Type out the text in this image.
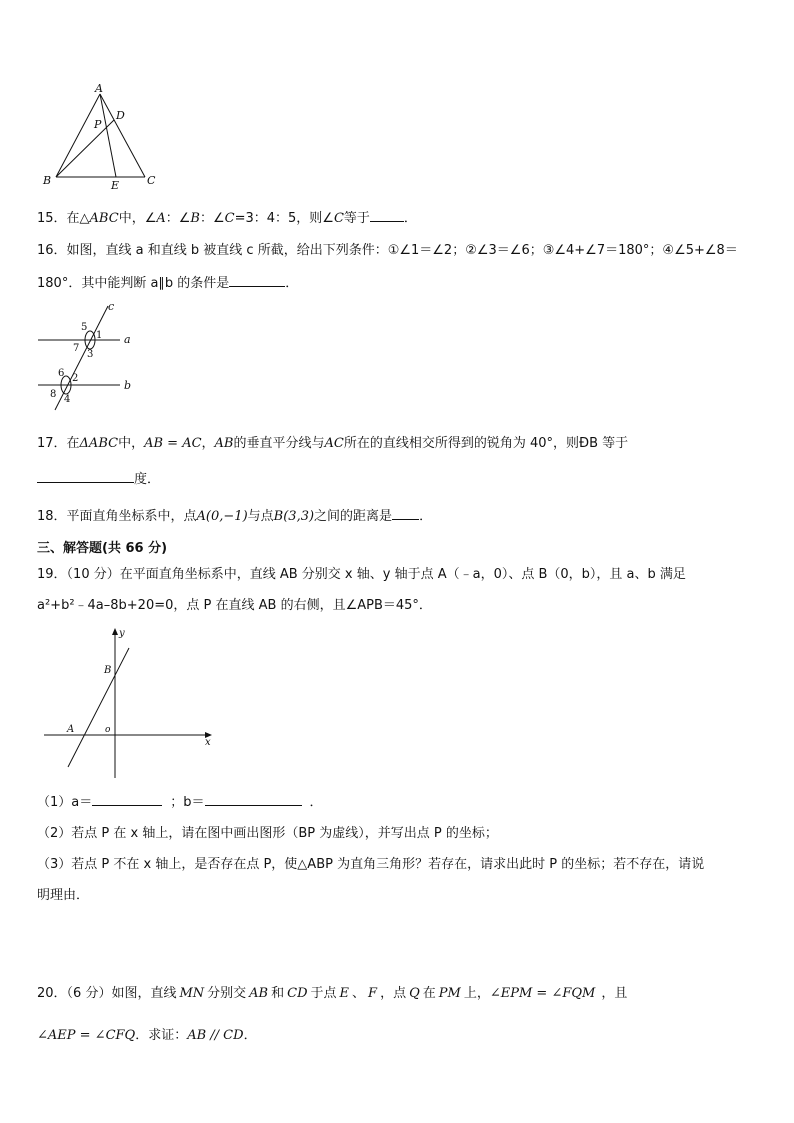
A
B	C
D
E
P
15．在△ABC中，∠A：∠B：∠C=3：4：5，则∠C等于	．
16．如图，直线 a 和直线 b 被直线 c 所截，给出下列条件：①∠1＝∠2；②∠3＝∠6；③∠4+∠7＝180°；④∠5+∠8＝
180°．其中能判断 a∥b 的条件是	．
c
a
b
5
1
7
3
6 2
8 4
17．在ΔABC中，AB = AC，AB的垂直平分线与AC所在的直线相交所得到的锐角为 40°，则ÐB 等于
度．
18．平面直角坐标系中，点A(0,−1)与点B(3,3)之间的距离是 ．
三、解答题(共 66 分)
19．（10 分）在平面直角坐标系中，直线 AB 分别交 x 轴、y 轴于点 A（﹣a，0）、点 B（0，b），且 a、b 满足
a²+b²﹣4a–8b+20=0，点 P 在直线 AB 的右侧，且∠APB＝45°．
y
x
B
A	o
（1）a＝	；b＝	．
（2）若点 P 在 x 轴上，请在图中画出图形（BP 为虚线），并写出点 P 的坐标；
（3）若点 P 不在 x 轴上，是否存在点 P，使△ABP 为直角三角形？若存在，请求出此时 P 的坐标；若不存在，请说
明理由．
20．（6 分）如图，直线 MN 分别交 AB 和 CD 于点 E 、 F ，点 Q 在 PM 上，∠EPM = ∠FQM ，且
∠AEP = ∠CFQ．求证：AB // CD．
